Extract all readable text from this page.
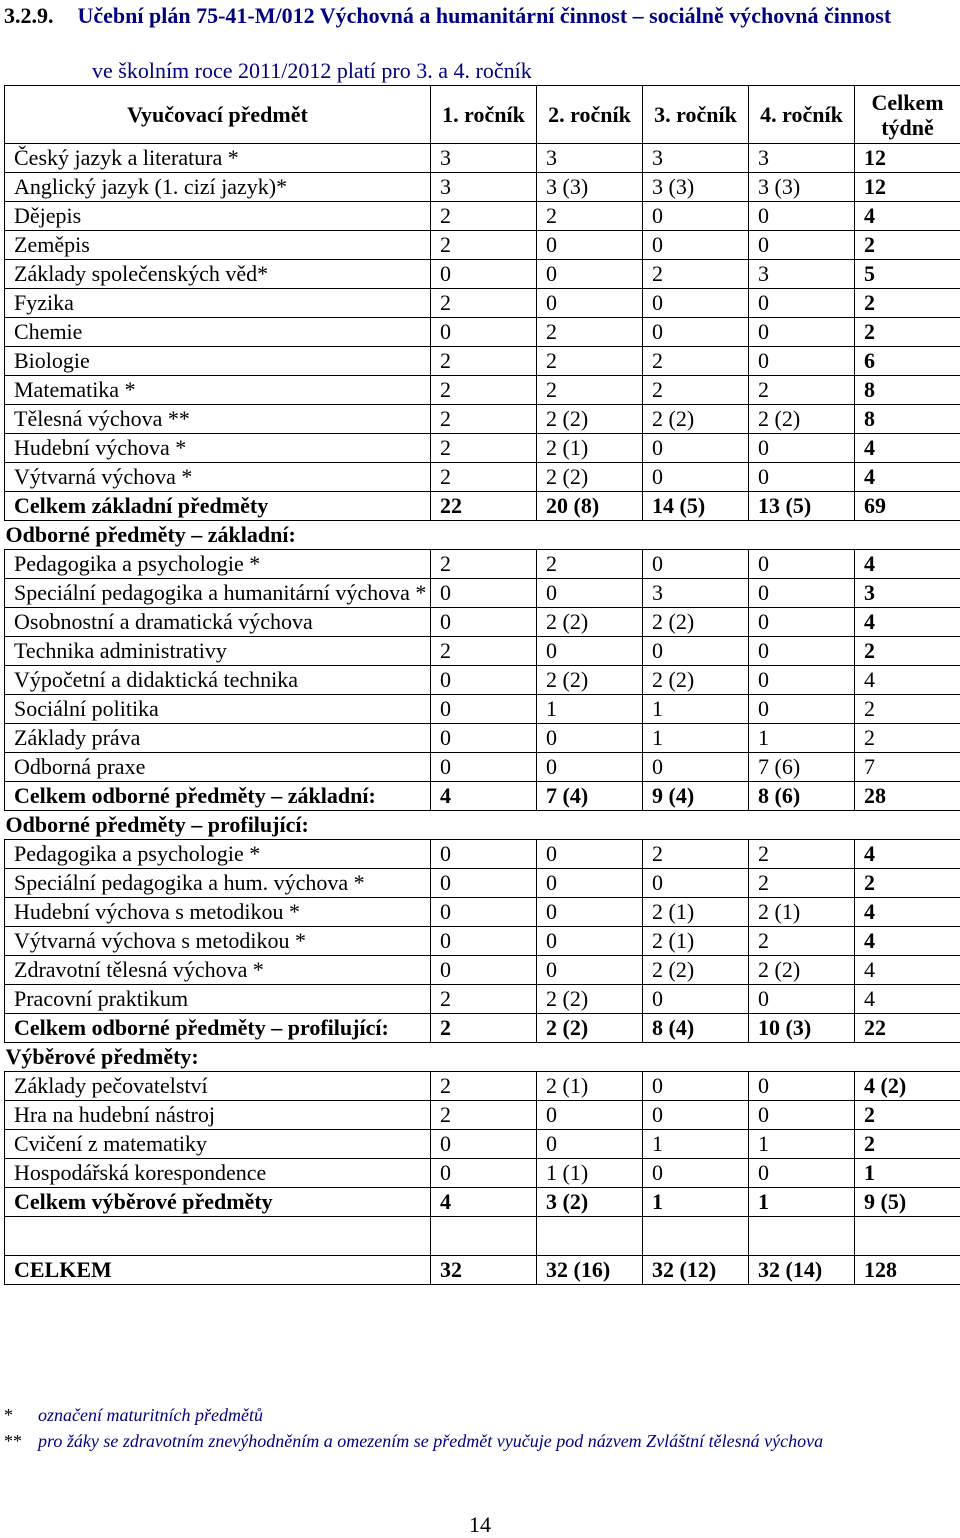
3.2.9. Učební plán 75-41-M/012 Výchovná a humanitární činnost – sociálně výchovná činnost
ve školním roce 2011/2012 platí pro 3. a 4. ročník
Vyučovací předmět	1. ročník	2. ročník	3. ročník	4. ročník	Celkem týdně
Český jazyk a literatura *	3	3	3	3	12
Anglický jazyk (1. cizí jazyk)*	3	3 (3)	3 (3)	3 (3)	12
Dějepis	2	2	0	0	4
Zeměpis	2	0	0	0	2
Základy společenských věd*	0	0	2	3	5
Fyzika	2	0	0	0	2
Chemie	0	2	0	0	2
Biologie	2	2	2	0	6
Matematika *	2	2	2	2	8
Tělesná výchova **	2	2 (2)	2 (2)	2 (2)	8
Hudební výchova *	2	2 (1)	0	0	4
Výtvarná výchova *	2	2 (2)	0	0	4
Celkem základní předměty	22	20 (8)	14 (5)	13 (5)	69
Odborné předměty – základní:					
Pedagogika a psychologie *	2	2	0	0	4
Speciální pedagogika a humanitární výchova *	0	0	3	0	3
Osobnostní a dramatická výchova	0	2 (2)	2 (2)	0	4
Technika administrativy	2	0	0	0	2
Výpočetní a didaktická technika	0	2 (2)	2 (2)	0	4
Sociální politika	0	1	1	0	2
Základy práva	0	0	1	1	2
Odborná praxe	0	0	0	7 (6)	7
Celkem odborné předměty – základní:	4	7 (4)	9 (4)	8 (6)	28
Odborné předměty – profilující:					
Pedagogika a psychologie *	0	0	2	2	4
Speciální pedagogika a hum. výchova *	0	0	0	2	2
Hudební výchova s metodikou *	0	0	2 (1)	2 (1)	4
Výtvarná výchova s metodikou *	0	0	2 (1)	2	4
Zdravotní tělesná výchova *	0	0	2 (2)	2 (2)	4
Pracovní praktikum	2	2 (2)	0	0	4
Celkem odborné předměty – profilující:	2	2 (2)	8 (4)	10 (3)	22
Výběrové předměty:					
Základy pečovatelství	2	2 (1)	0	0	4 (2)
Hra na hudební nástroj	2	0	0	0	2
Cvičení z matematiky	0	0	1	1	2
Hospodářská korespondence	0	1 (1)	0	0	1
Celkem výběrové předměty	4	3 (2)	1	1	9 (5)

CELKEM	32	32 (16)	32 (12)	32 (14)	128
* označení maturitních předmětů
** pro žáky se zdravotním znevýhodněním a omezením se předmět vyučuje pod názvem Zvláštní tělesná výchova
14
